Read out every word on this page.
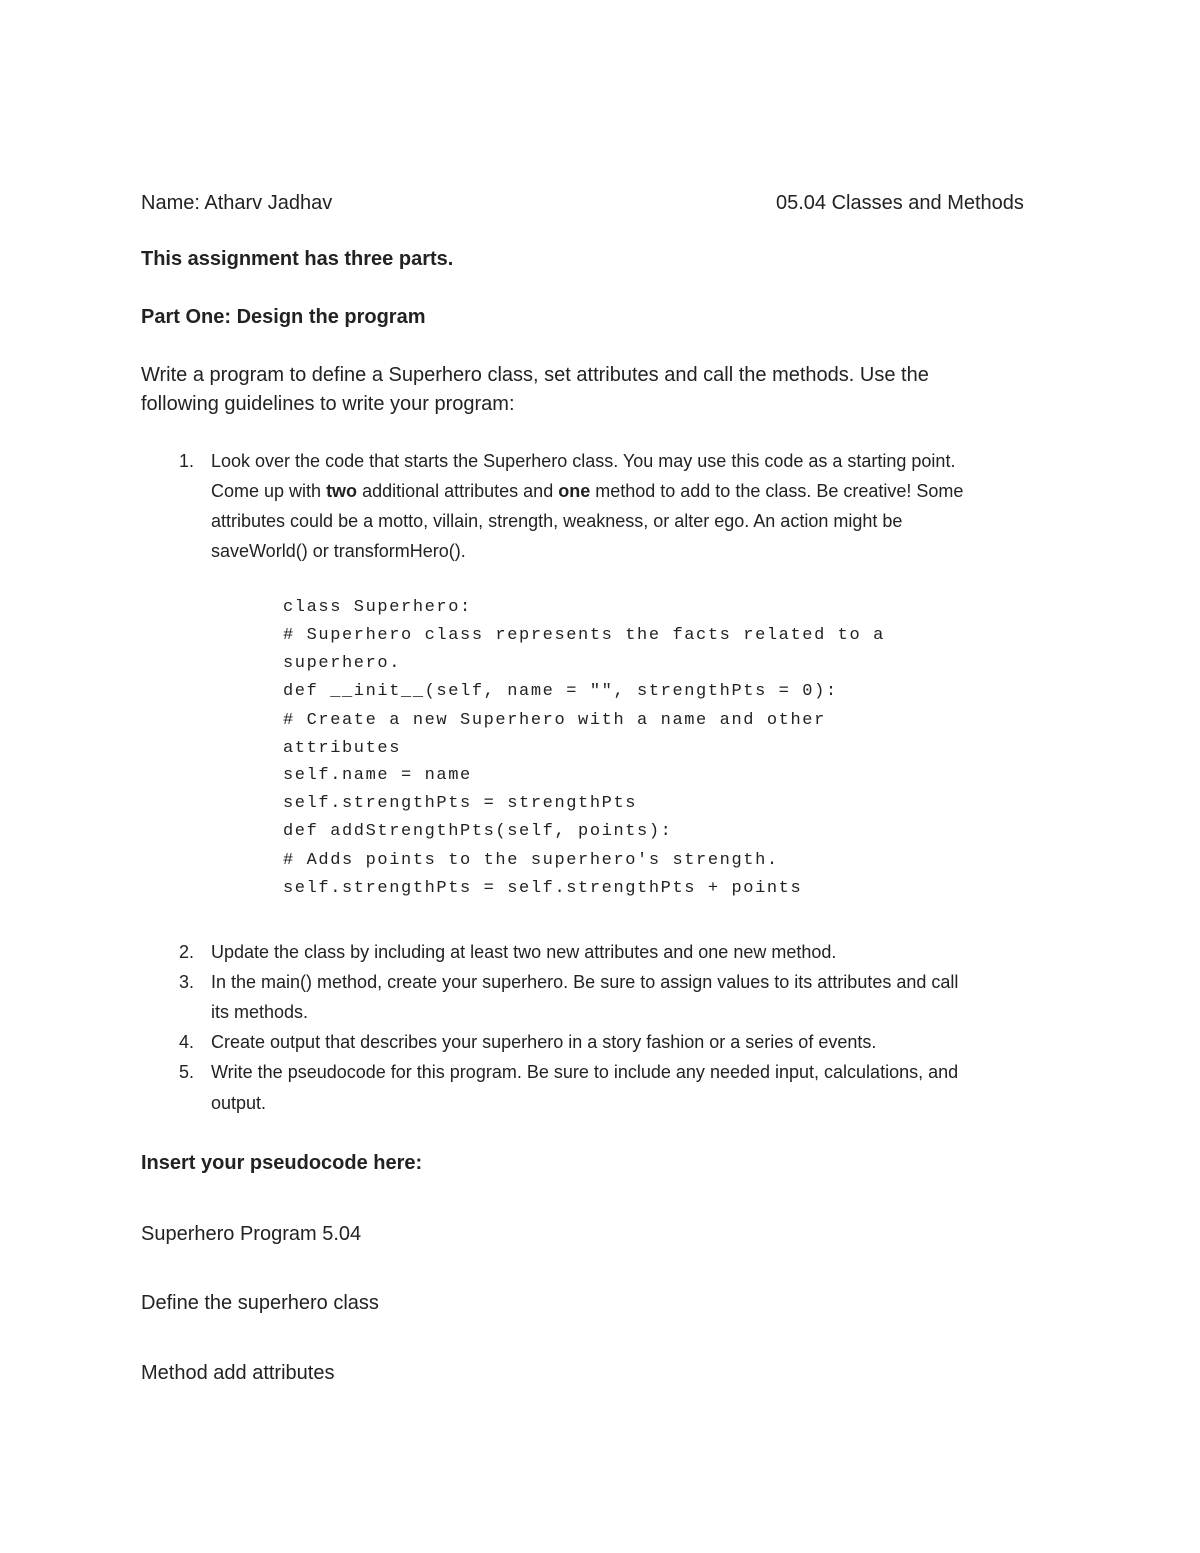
Name: Atharv Jadhav	05.04 Classes and Methods

This assignment has three parts.

Part One: Design the program

Write a program to define a Superhero class, set attributes and call the methods. Use the

following guidelines to write your program:

1. Look over the code that starts the Superhero class. You may use this code as a starting point.

Come up with two additional attributes and one method to add to the class. Be creative! Some

attributes could be a motto, villain, strength, weakness, or alter ego. An action might be

saveWorld() or transformHero().

class Superhero:
# Superhero class represents the facts related to a
superhero.
def __init__(self, name = "", strengthPts = 0):
# Create a new Superhero with a name and other
attributes
self.name = name
self.strengthPts = strengthPts
def addStrengthPts(self, points):
# Adds points to the superhero's strength.
self.strengthPts = self.strengthPts + points

2. Update the class by including at least two new attributes and one new method.

3. In the main() method, create your superhero. Be sure to assign values to its attributes and call

its methods.

4. Create output that describes your superhero in a story fashion or a series of events.

5. Write the pseudocode for this program. Be sure to include any needed input, calculations, and

output.

Insert your pseudocode here:

Superhero Program 5.04

Define the superhero class

Method add attributes
